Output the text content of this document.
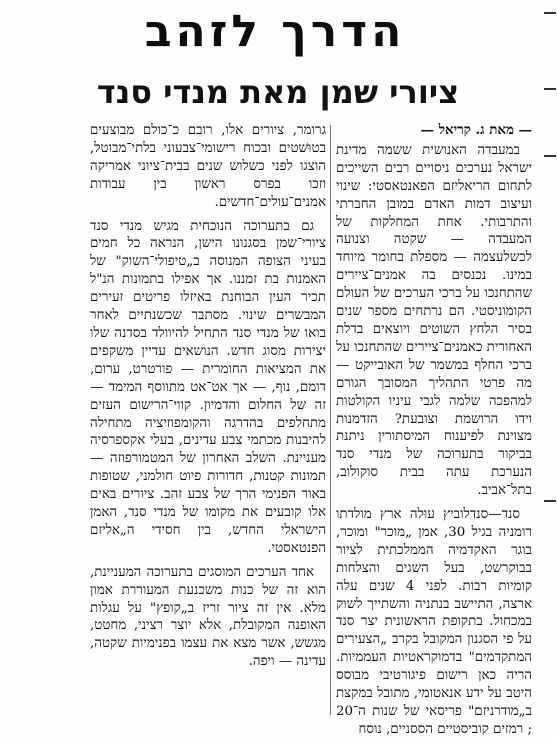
הדרך לזהב
ציורי שמן מאת מנדי סנד
— מאת ג. קריאל —

במעבדה האנושית ששמה מדינת ישראל נערכים ניסויים רבים השייכים לתחום הריאליזם הפאנטאסטי: שינוי ועיצוב דמות האדם במובן החברתי והתרבותי. אחת המחלקות של המעבדה — שקטה וצנועה לכשלעצמה — מספלת בחומר מיוחד במינו. נכנסים בה אמנים־ציירים שהתחנכו על ברכי הערכים של העולם הקומוניסטי. הם נרתחים מספר שנים בסיר הלחץ השוטים ויוצאים בדלת האחורית כאמנים־ציירים שהתחנכו על ברכי החלף במשמר של האובייקט — מה פרטי התהליך המסובך הגורם למהפכה שלמה לגבי עיניו הקולטות וידו הרושמת וצובעת? הזדמנות מצוינת לפיענוח המיסתורין ניתנת בביקור בתערוכה של מנדי סנד הנערכת עתה בבית סוקולוב, בתל־אביב.

סנד—סנדלוביץ עוּלה ארץ מולדתו רומניה בגיל 30, אמן „מוכר" ומוכר, בוגר האקדמיה הממלכתית לציור בבוקרשט, בעל השגים והצלחות קומיות רבות. לפני 4 שנים עלה ארצה, התיישב בנתניה והשתייך לשוק במכחול. בתקופת הראשונית יצר סנד על פי הסגנון המקובל בקרב „הצעירים המתקדמים" בדמוקראטיות העממיות. הריה כאן רישום פיגורטיבי מבוסס היטב על ידע אנאטומי, מתובל במקצת ב„מודרניזם" פריסאי של שנות ה־20 ; רמזים קוביסטיים הססניים, נוסח

גרומר, ציורים אלו, רובם כ־כולם מבוצעים בטוּשׁטים ובכוח רישומי־צבעוני בלתי־מבוטל, הוצגו לפני כשלוש שנים בבית־ציוני אמריקה וזכו בפרס ראשון בין עבודות אמנים־עולים־חדשים.

גם בתערוכה הנוכחית מגיש מנדי סנד ציורי־שמן בסגנונו הישן, הנראה כל חמים בעיני הצופה המנוסה ב„טיפולי־השוק" של האמנות בת זמננו. אך אפילו בתמונות הנ"ל תכיר העין הבוחנת באיזלו פריטים זעירים המבשרים שינוי. מסתבר שכשנתיים לאחר בואו של מנדי סנד התחיל להיוולד בסדנה שלו יצירות מסוג חדש. הנושאים עדיין משקפים את המציאות החומרית — פורטרט, ערום, דומם, נוף, — אך אט־אט מתווסף המימד — זה של החלום והדמיון. קווי־הרישום העזים מתחלפים בהדרגה והקומפוזיציה מתחילה להיבנות מכתמי צבע עדינים, בעלי אקספרסיה מעניינת. השלב האחרון של המטמורפוזה — תמונות קטנות, חדורות פיוט חולמני, שטופות באור הפנימי הרך של צבע זהב. ציורים באים אלו קובעים את מקומו של מנדי סנד, האמן הישראלי החדש, בין חסידי ה„אליזם הפנטאסטי.

אחד הערכים המוסגים בתערוכה המעניינת, הוא זה של כנות משכנעת המעוררת אמון מלא. אין זה ציור זריז ב„קופץ" על עגלות האופנה המקובלת, אלא יוצר רציני, מחטט, מגשש, אשר מצא את עצמו בפנימיות שקטה, עדינה — ויפה.
